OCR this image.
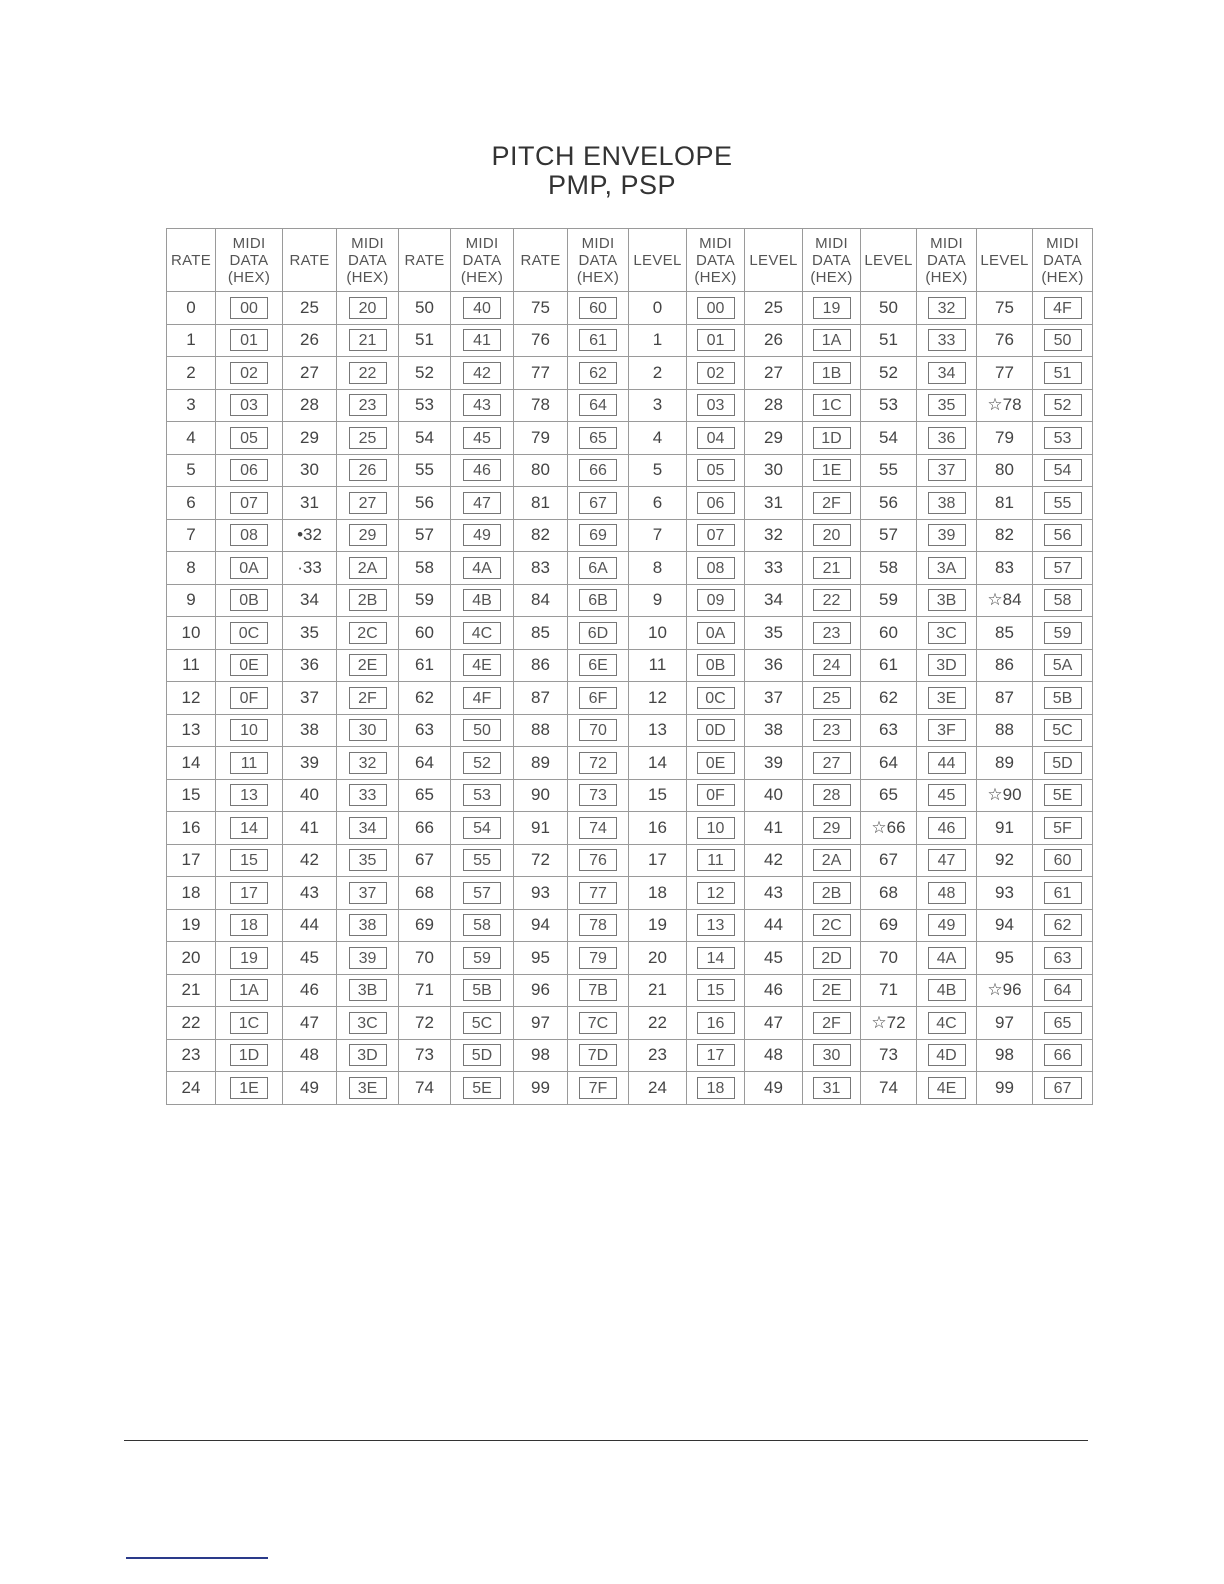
PITCH ENVELOPE
PMP, PSP
RATE	MIDI DATA (HEX)	RATE	MIDI DATA (HEX)	RATE	MIDI DATA (HEX)	RATE	MIDI DATA (HEX)	LEVEL	MIDI DATA (HEX)	LEVEL	MIDI DATA (HEX)	LEVEL	MIDI DATA (HEX)	LEVEL	MIDI DATA (HEX)
0	00	25	20	50	40	75	60	0	00	25	19	50	32	75	4F
1	01	26	21	51	41	76	61	1	01	26	1A	51	33	76	50
2	02	27	22	52	42	77	62	2	02	27	1B	52	34	77	51
3	03	28	23	53	43	78	64	3	03	28	1C	53	35	☆78	52
4	05	29	25	54	45	79	65	4	04	29	1D	54	36	79	53
5	06	30	26	55	46	80	66	5	05	30	1E	55	37	80	54
6	07	31	27	56	47	81	67	6	06	31	2F	56	38	81	55
7	08	•32	29	57	49	82	69	7	07	32	20	57	39	82	56
8	0A	·33	2A	58	4A	83	6A	8	08	33	21	58	3A	83	57
9	0B	34	2B	59	4B	84	6B	9	09	34	22	59	3B	☆84	58
10	0C	35	2C	60	4C	85	6D	10	0A	35	23	60	3C	85	59
11	0E	36	2E	61	4E	86	6E	11	0B	36	24	61	3D	86	5A
12	0F	37	2F	62	4F	87	6F	12	0C	37	25	62	3E	87	5B
13	10	38	30	63	50	88	70	13	0D	38	23	63	3F	88	5C
14	11	39	32	64	52	89	72	14	0E	39	27	64	44	89	5D
15	13	40	33	65	53	90	73	15	0F	40	28	65	45	☆90	5E
16	14	41	34	66	54	91	74	16	10	41	29	☆66	46	91	5F
17	15	42	35	67	55	72	76	17	11	42	2A	67	47	92	60
18	17	43	37	68	57	93	77	18	12	43	2B	68	48	93	61
19	18	44	38	69	58	94	78	19	13	44	2C	69	49	94	62
20	19	45	39	70	59	95	79	20	14	45	2D	70	4A	95	63
21	1A	46	3B	71	5B	96	7B	21	15	46	2E	71	4B	☆96	64
22	1C	47	3C	72	5C	97	7C	22	16	47	2F	☆72	4C	97	65
23	1D	48	3D	73	5D	98	7D	23	17	48	30	73	4D	98	66
24	1E	49	3E	74	5E	99	7F	24	18	49	31	74	4E	99	67
